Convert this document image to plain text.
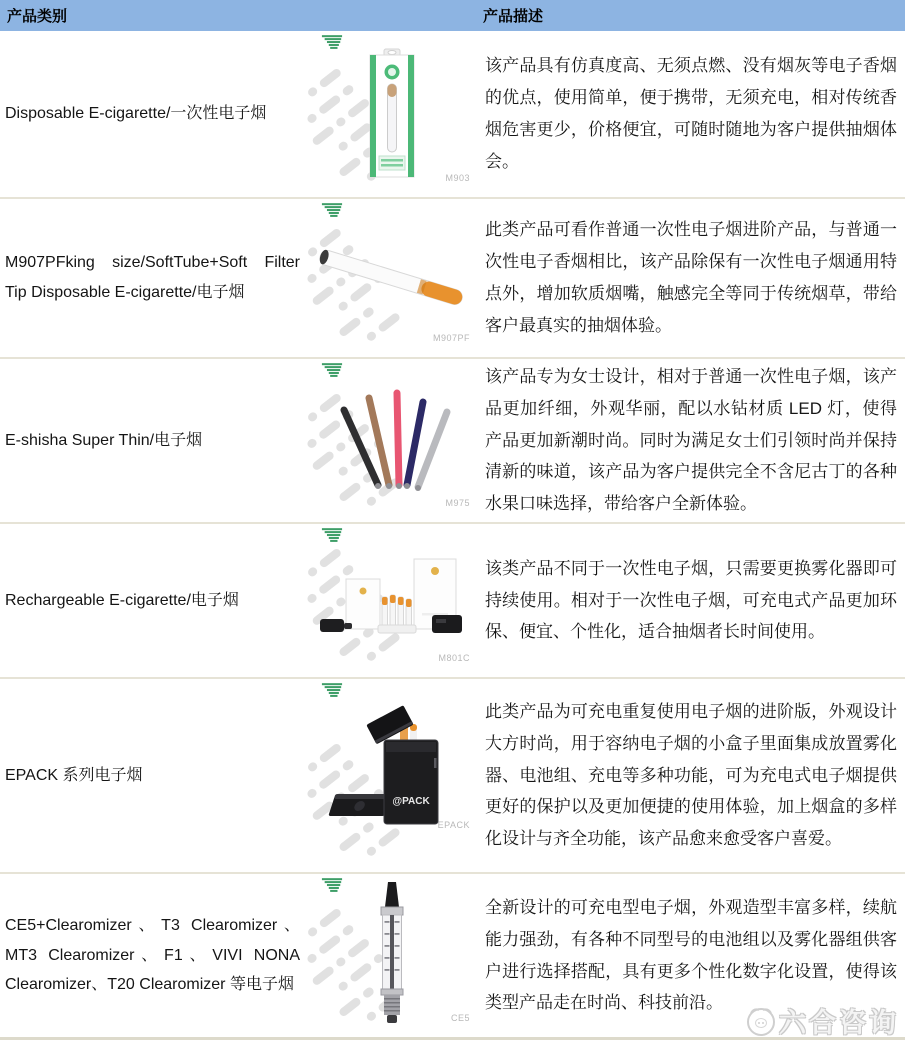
产品类别	产品描述
Disposable E-cigarette/一次性电子烟
M903
该产品具有仿真度高、无须点燃、没有烟灰等电子香烟的优点，使用简单，便于携带，无须充电，相对传统香烟危害更少，价格便宜，可随时随地为客户提供抽烟体会。
M907PFking size/SoftTube+Soft Filter Tip Disposable E-cigarette/电子烟
M907PF
此类产品可看作普通一次性电子烟进阶产品，与普通一次性电子香烟相比，该产品除保有一次性电子烟通用特点外，增加软质烟嘴，触感完全等同于传统烟草，带给客户最真实的抽烟体验。
E-shisha Super Thin/电子烟
M975
该产品专为女士设计，相对于普通一次性电子烟，该产品更加纤细，外观华丽，配以水钻材质 LED 灯，使得产品更加新潮时尚。同时为满足女士们引领时尚并保持清新的味道，该产品为客户提供完全不含尼古丁的各种水果口味选择，带给客户全新体验。
Rechargeable E-cigarette/电子烟
M801C
该类产品不同于一次性电子烟，只需要更换雾化器即可持续使用。相对于一次性电子烟，可充电式产品更加环保、便宜、个性化，适合抽烟者长时间使用。
EPACK 系列电子烟
@PACK
EPACK
此类产品为可充电重复使用电子烟的进阶版，外观设计大方时尚，用于容纳电子烟的小盒子里面集成放置雾化器、电池组、充电等多种功能，可为充电式电子烟提供更好的保护以及更加便捷的使用体验，加上烟盒的多样化设计与齐全功能，该产品愈来愈受客户喜爱。
CE5+Clearomizer、T3 Clearomizer、MT3 Clearomizer、F1、VIVI NONA Clearomizer、T20 Clearomizer 等电子烟
CE5
全新设计的可充电型电子烟，外观造型丰富多样，续航能力强劲，有各种不同型号的电池组以及雾化器组供客户进行选择搭配，具有更多个性化数字化设置，使得该类型产品走在时尚、科技前沿。
六合咨询
